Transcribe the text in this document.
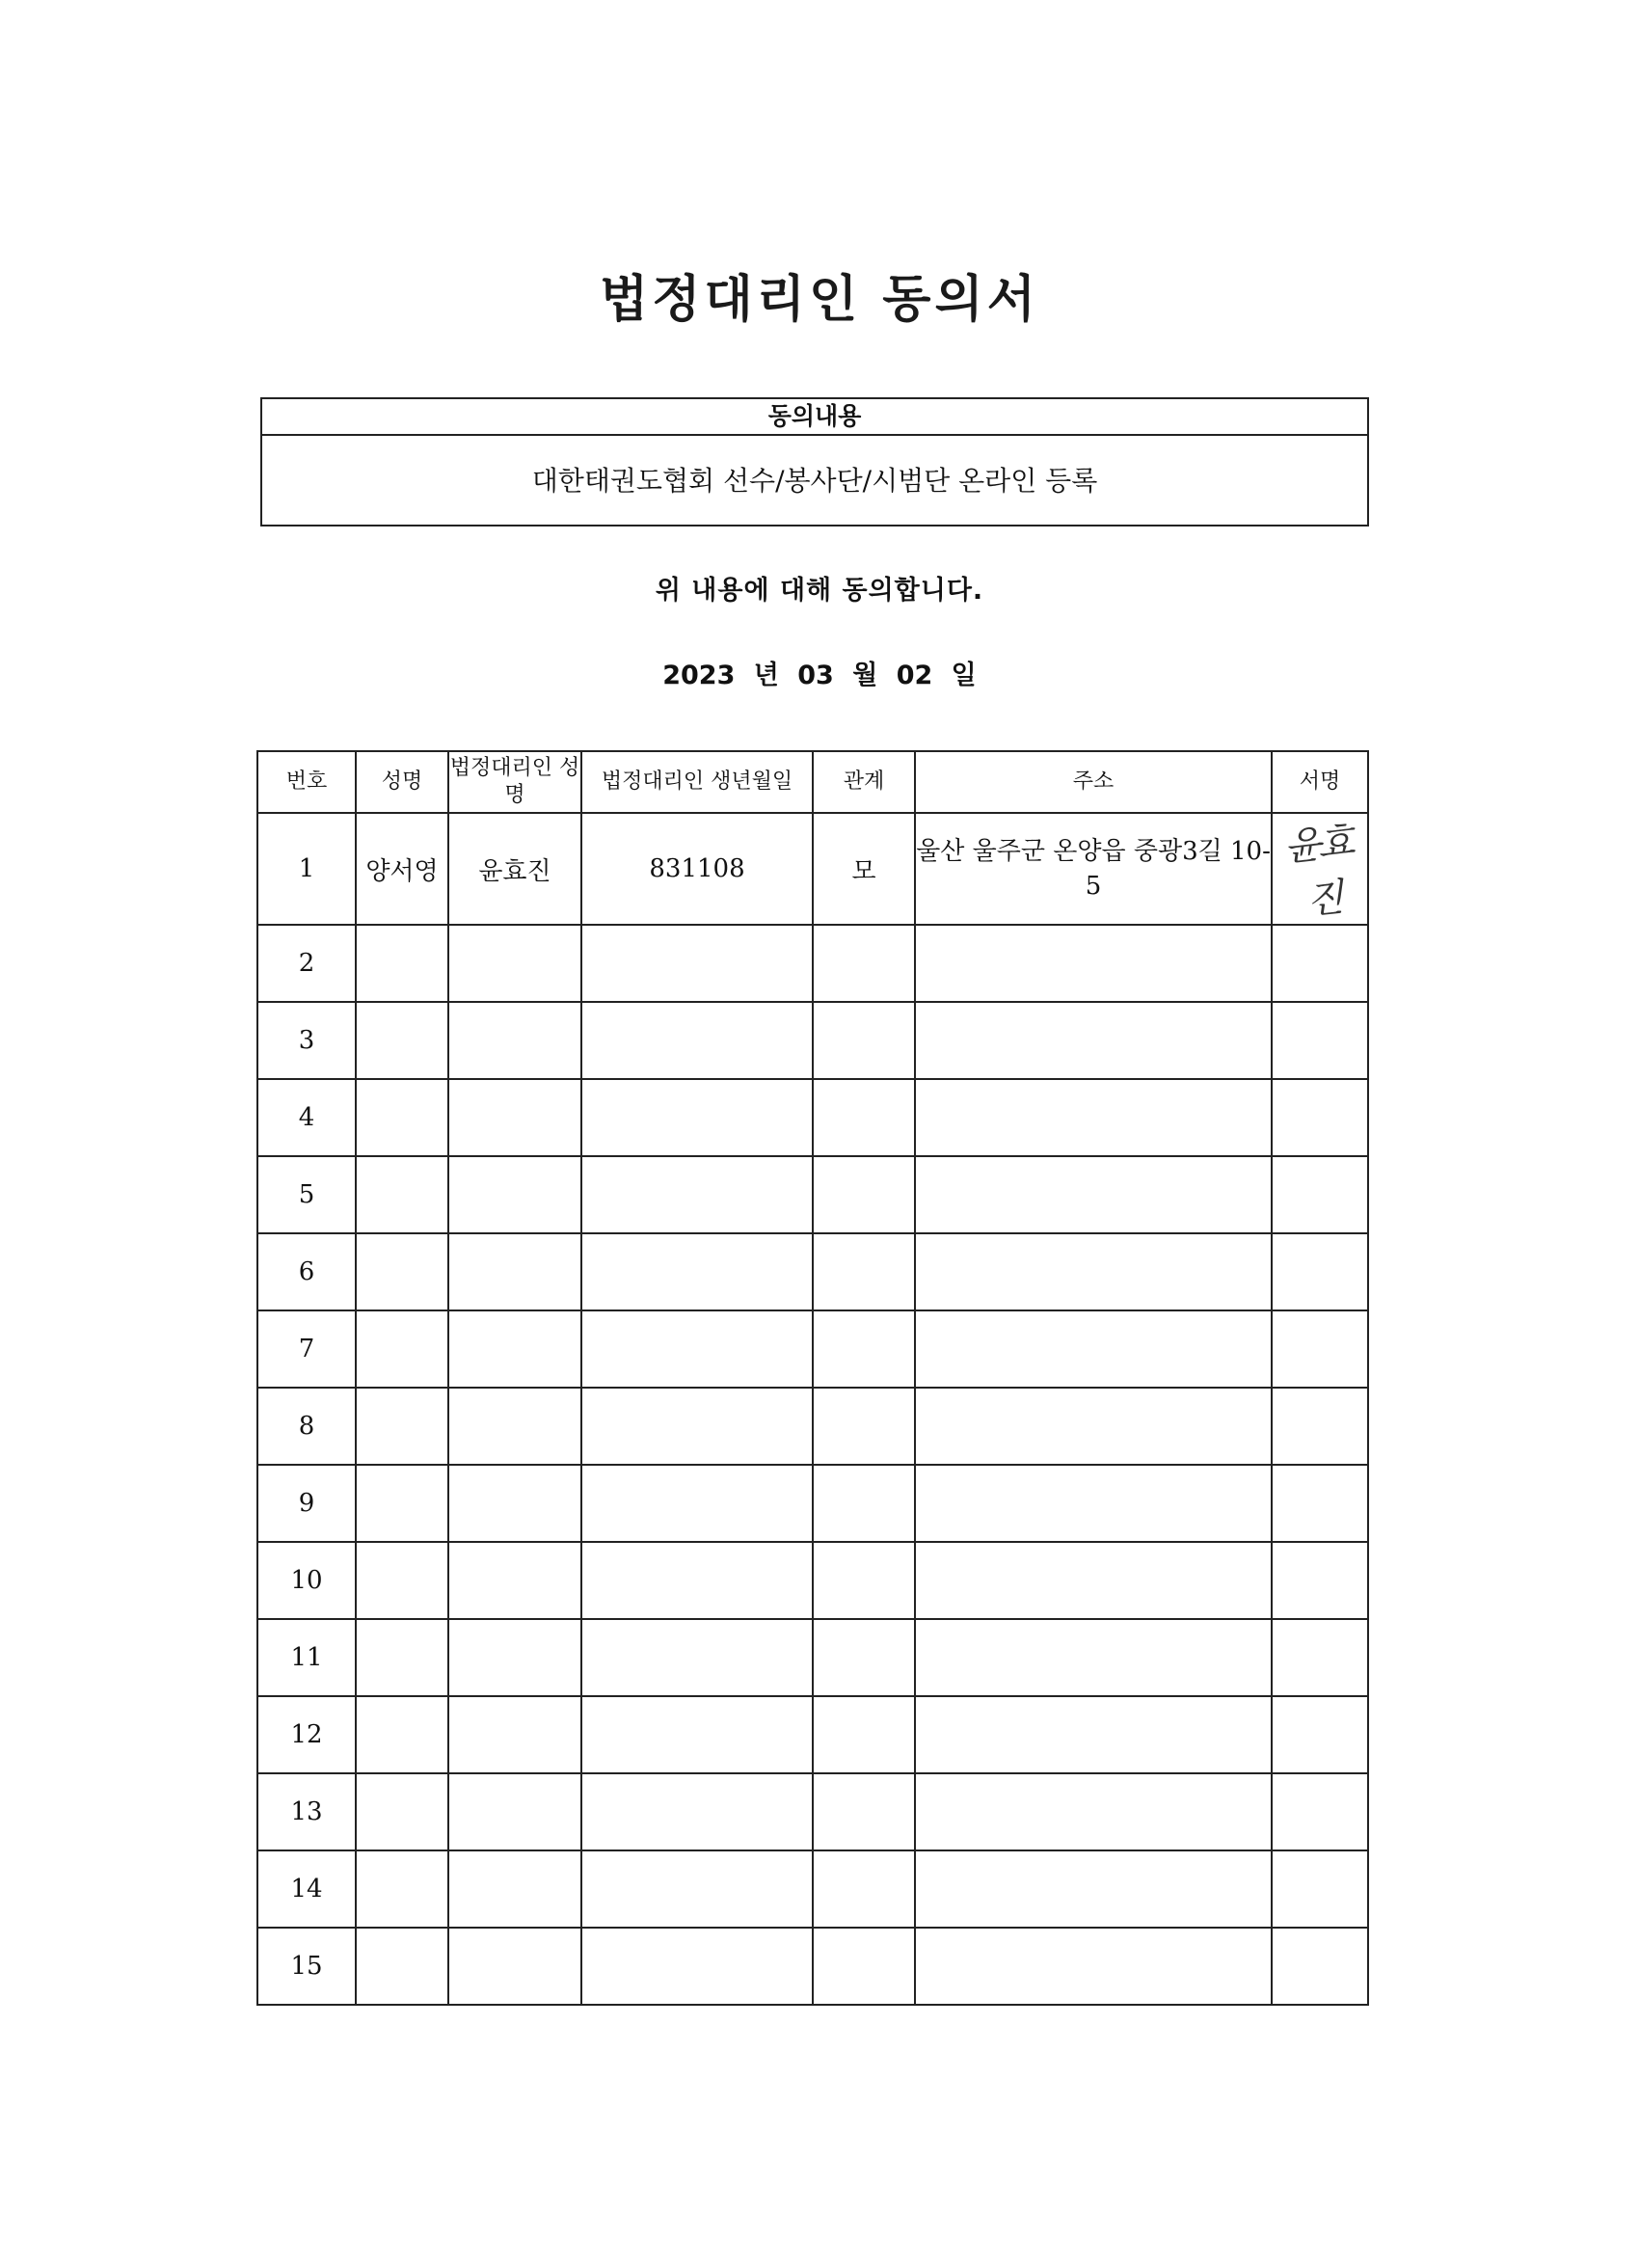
법정대리인 동의서
동의내용
대한태권도협회 선수/봉사단/시범단 온라인 등록
위 내용에 대해 동의합니다.
2023 년 03 월 02 일
번호	성명	법정대리인 성명	법정대리인 생년월일	관계	주소	서명
1	양서영	윤효진	831108	모	울산 울주군 온양읍 중광3길 10-5	윤효진
2						
3						
4						
5						
6						
7						
8						
9						
10						
11						
12						
13						
14						
15						
